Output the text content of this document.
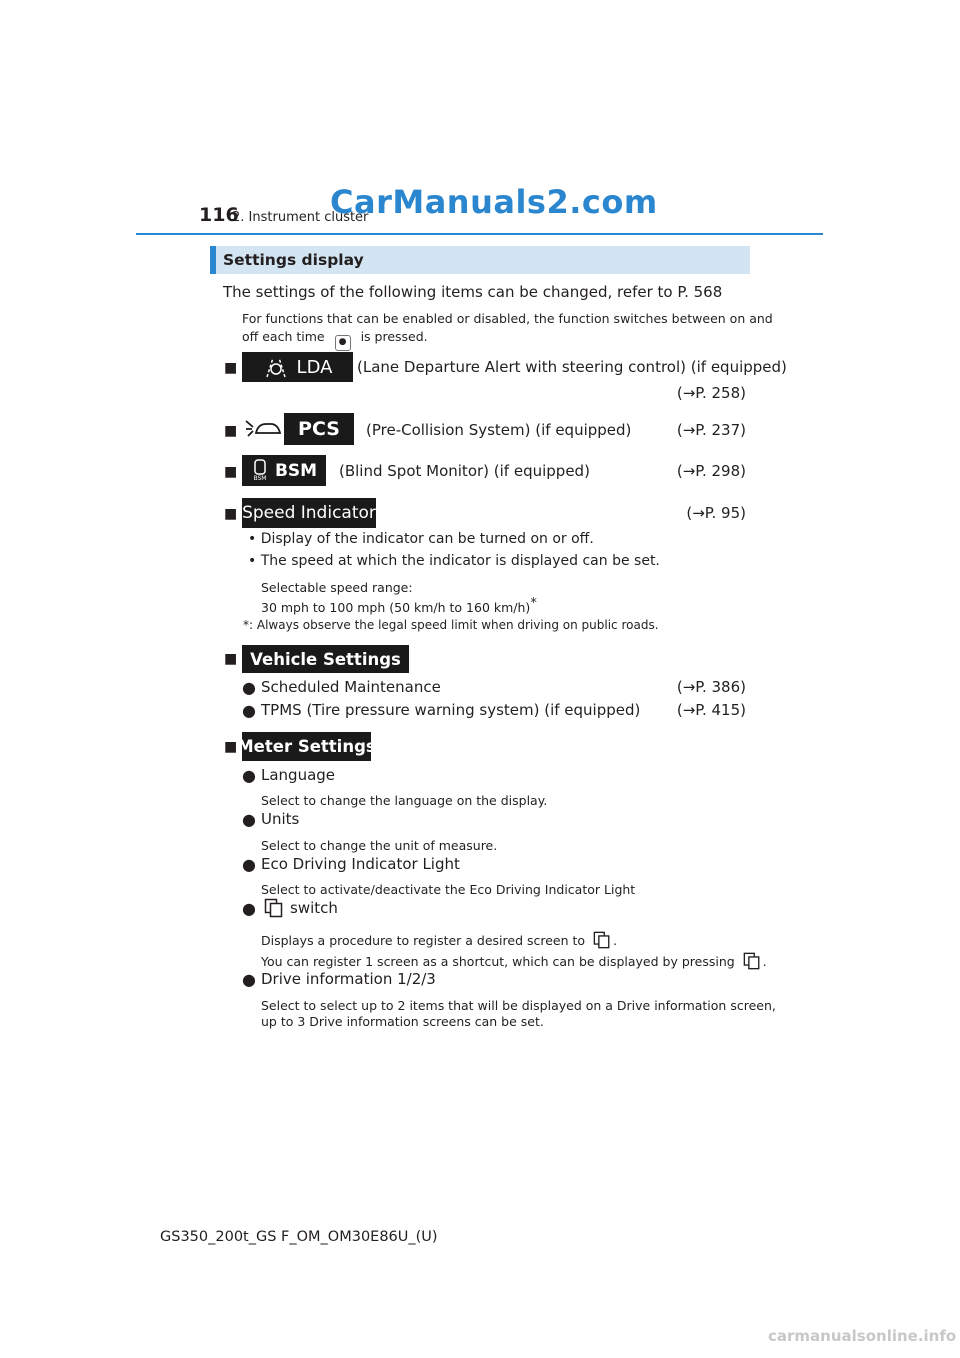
116
2. Instrument cluster
CarManuals2.com
Settings display
The settings of the following items can be changed, refer to P. 568
For functions that can be enabled or disabled, the function switches between on and
off each time ● is pressed.
■	LDA (Lane Departure Alert with steering control) (if equipped)
(→P. 258)
■	PCS	(Pre-Collision System) (if equipped)	(→P. 237)
■	BSM BSM (Blind Spot Monitor) (if equipped)	(→P. 298)
■ Speed Indicator	(→P. 95)
• Display of the indicator can be turned on or off.
• The speed at which the indicator is displayed can be set.
Selectable speed range:
30 mph to 100 mph (50 km/h to 160 km/h)*
*: Always observe the legal speed limit when driving on public roads.
■ Vehicle Settings
● Scheduled Maintenance	(→P. 386)
● TPMS (Tire pressure warning system) (if equipped)	(→P. 415)
■ Meter Settings
● Language
Select to change the language on the display.
● Units
Select to change the unit of measure.
● Eco Driving Indicator Light
Select to activate/deactivate the Eco Driving Indicator Light
● switch
Displays a procedure to register a desired screen to .
You can register 1 screen as a shortcut, which can be displayed by pressing .
● Drive information 1/2/3
Select to select up to 2 items that will be displayed on a Drive information screen,
up to 3 Drive information screens can be set.
GS350_200t_GS F_OM_OM30E86U_(U)
carmanualsonline.info
